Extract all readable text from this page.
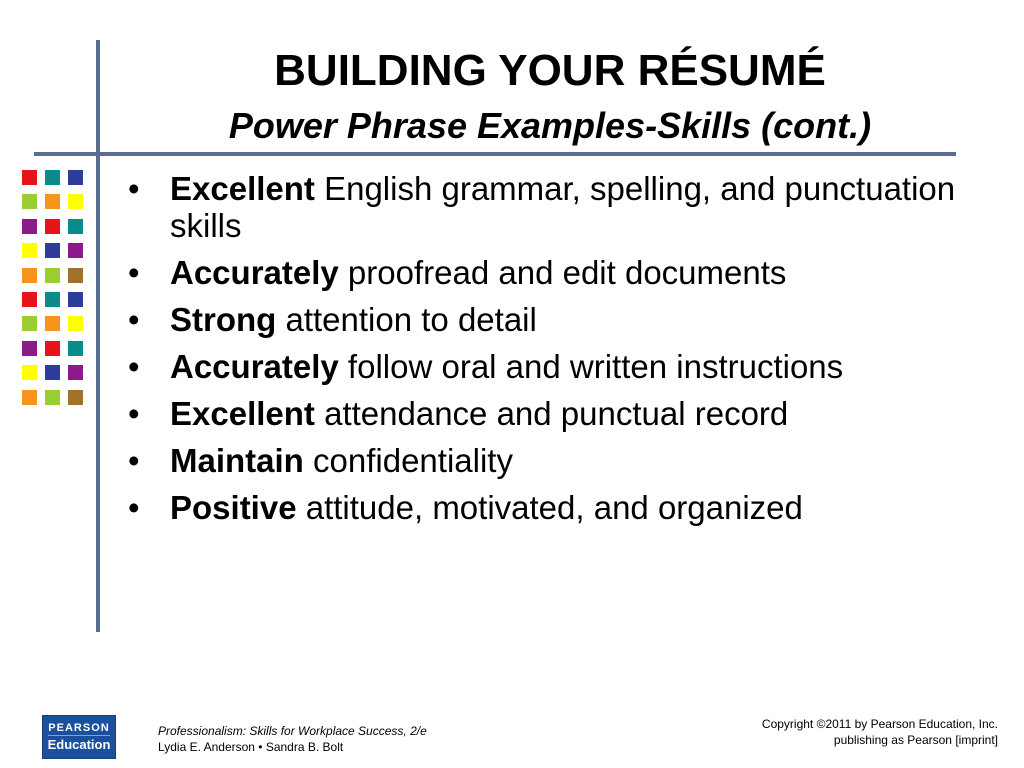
BUILDING YOUR RÉSUMÉ
Power Phrase Examples-Skills (cont.)
• Excellent English grammar, spelling, and punctuation skills
• Accurately proofread and edit documents
• Strong attention to detail
• Accurately follow oral and written instructions
• Excellent attendance and punctual record
• Maintain confidentiality
• Positive attitude, motivated, and organized
PEARSON
Education
Professionalism: Skills for Workplace Success, 2/e
Lydia E. Anderson • Sandra B. Bolt
Copyright ©2011 by Pearson Education, Inc.
publishing as Pearson [imprint]
